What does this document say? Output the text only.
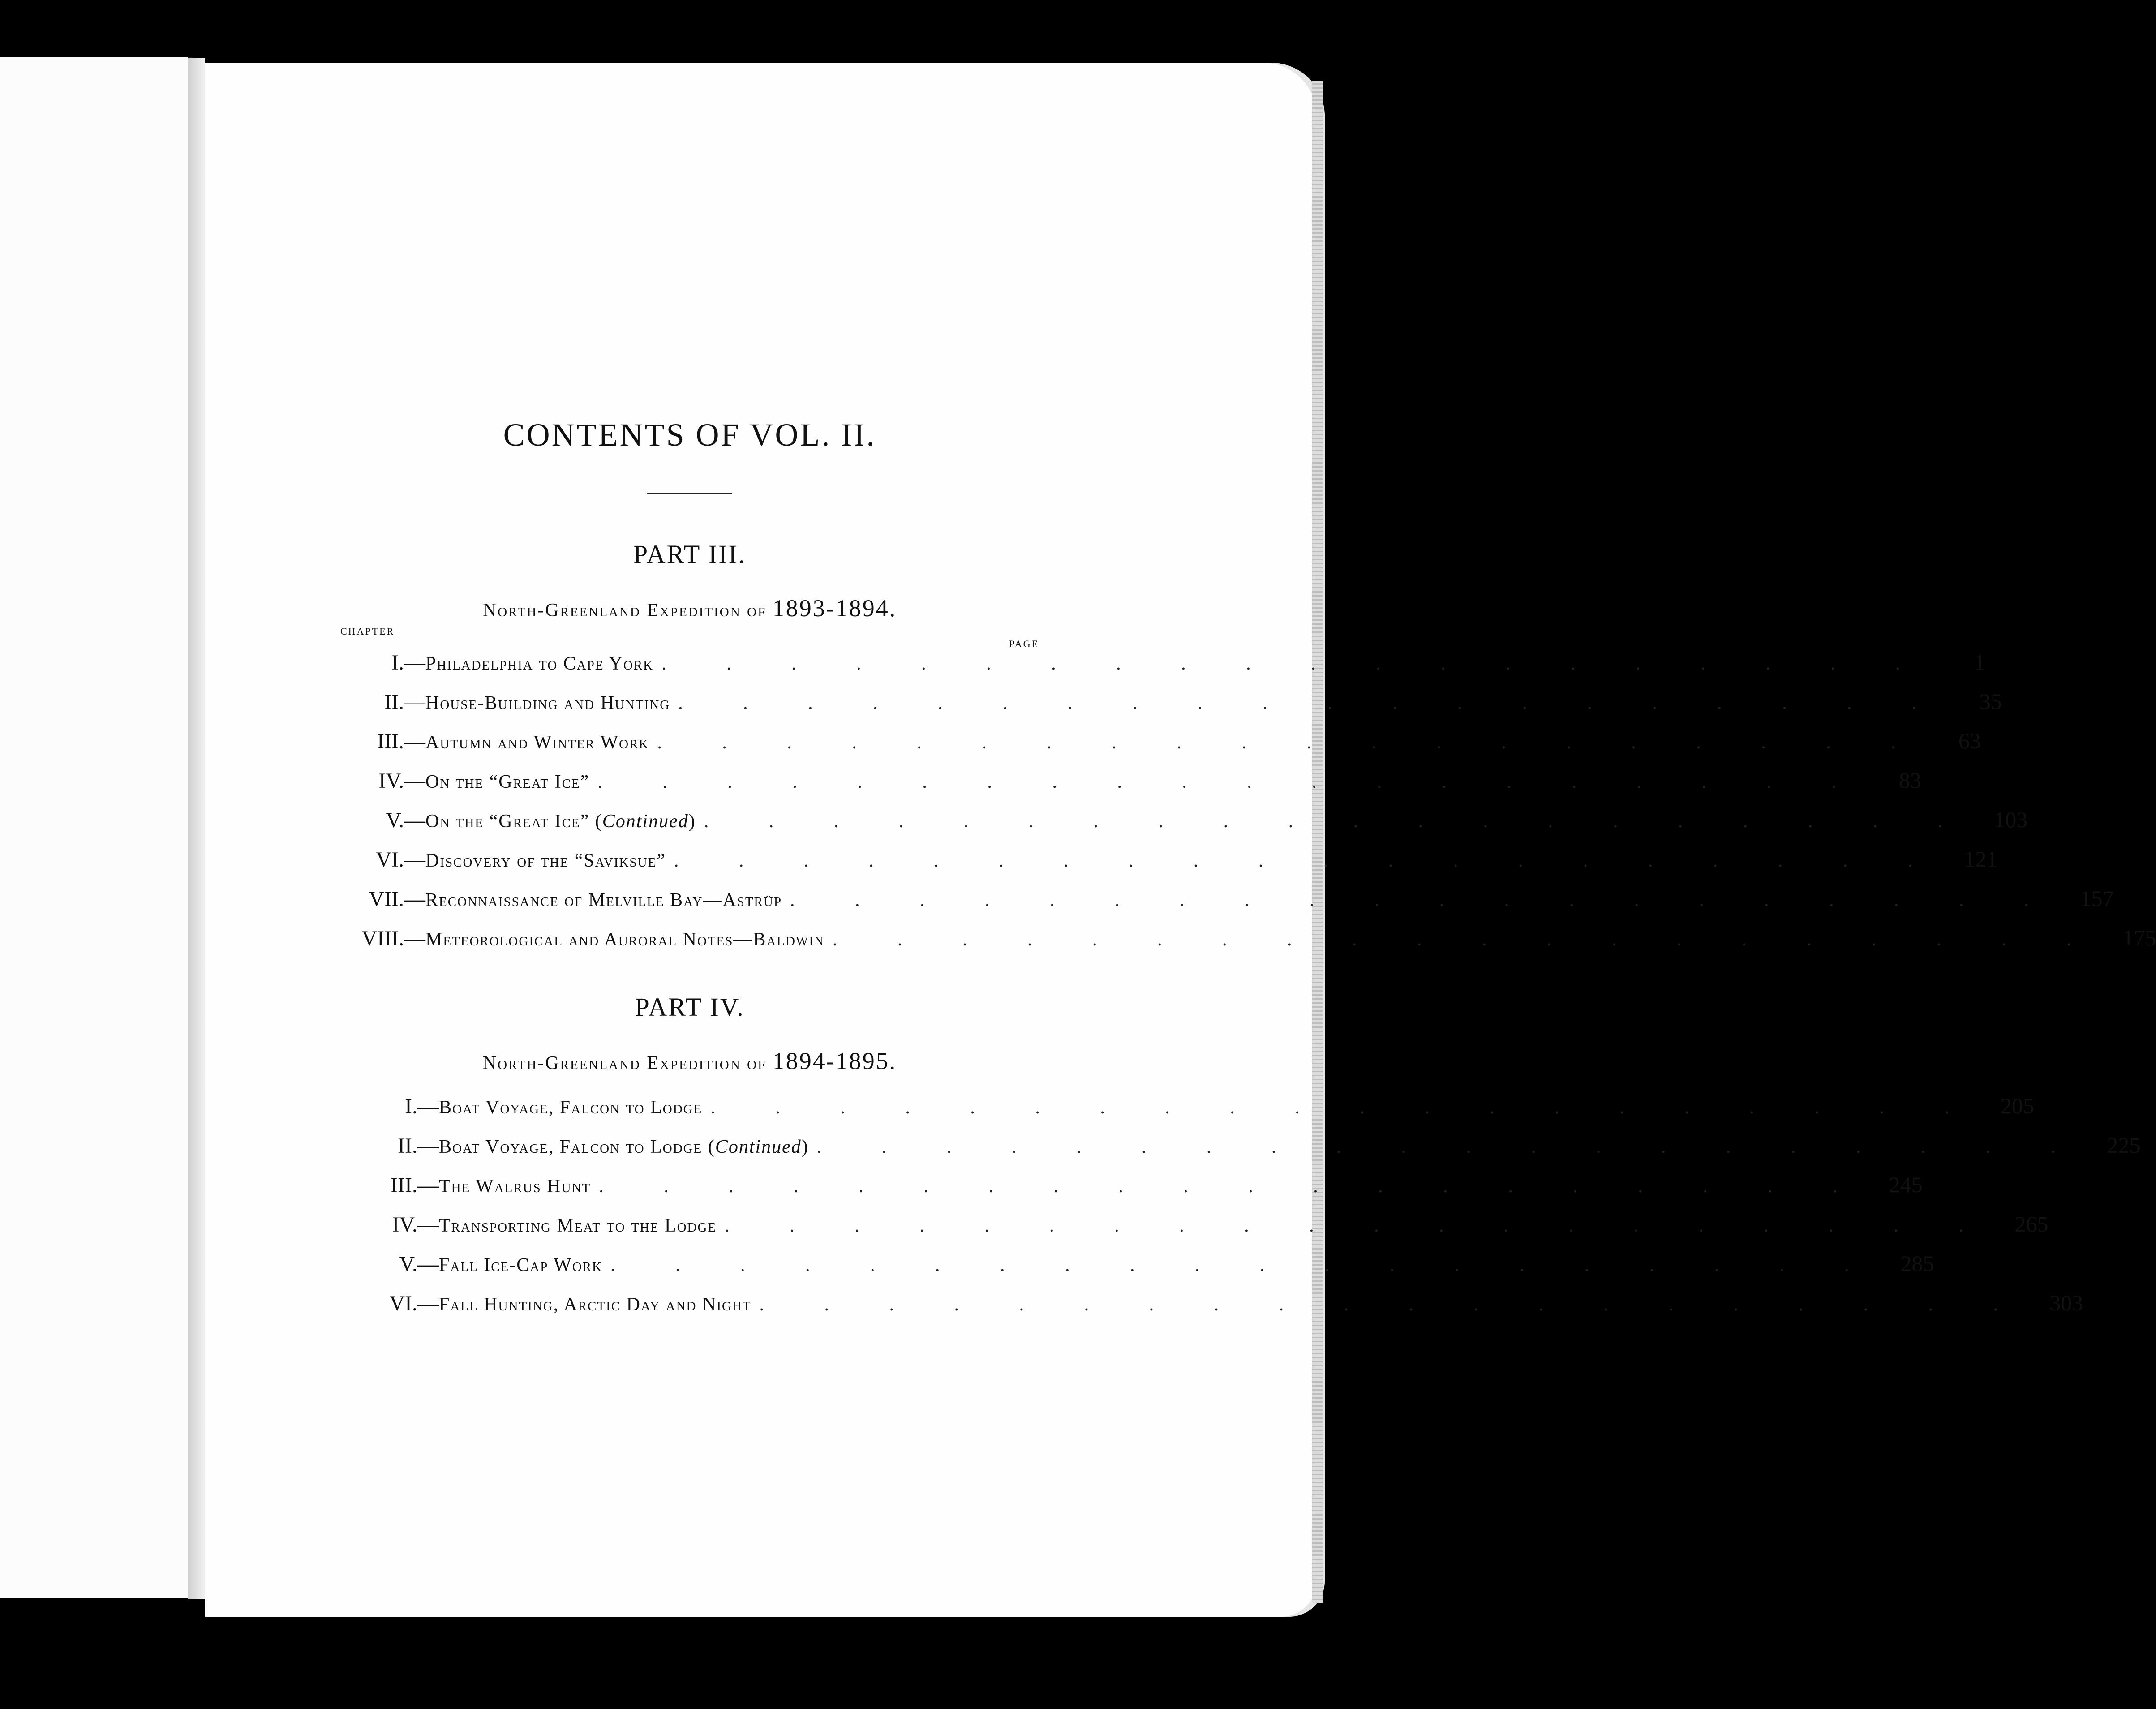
CONTENTS OF VOL. II.
PART III.

North-Greenland Expedition of 1893-1894.

CHAPTER
PAGE
I.— Philadelphia to Cape York . . . . . . . . . . . . . . . . . . . .	1
II.— House-Building and Hunting . . . . . . . . . . . . . . . . . . . .	35
III.— Autumn and Winter Work . . . . . . . . . . . . . . . . . . . .	63
IV.— On the “Great Ice” . . . . . . . . . . . . . . . . . . . .	83
V.— On the “Great Ice” (Continued) . . . . . . . . . . . . . . . . . . . .	103
VI.— Discovery of the “Saviksue” . . . . . . . . . . . . . . . . . . . .	121
VII.— Reconnaissance of Melville Bay—Astrüp . . . . . . . . . . . . . . . . . . . .	157
VIII.— Meteorological and Auroral Notes—Baldwin . . . . . . . . . . . . . . . . . . . .	175
PART IV.

North-Greenland Expedition of 1894-1895.

I.— Boat Voyage, Falcon to Lodge . . . . . . . . . . . . . . . . . . . .	205
II.— Boat Voyage, Falcon to Lodge (Continued) . . . . . . . . . . . . . . . . . . . .	225
III.— The Walrus Hunt . . . . . . . . . . . . . . . . . . . .	245
IV.— Transporting Meat to the Lodge . . . . . . . . . . . . . . . . . . . .	265
V.— Fall Ice-Cap Work . . . . . . . . . . . . . . . . . . . .	285
VI.— Fall Hunting, Arctic Day and Night . . . . . . . . . . . . . . . . . . . .	303
